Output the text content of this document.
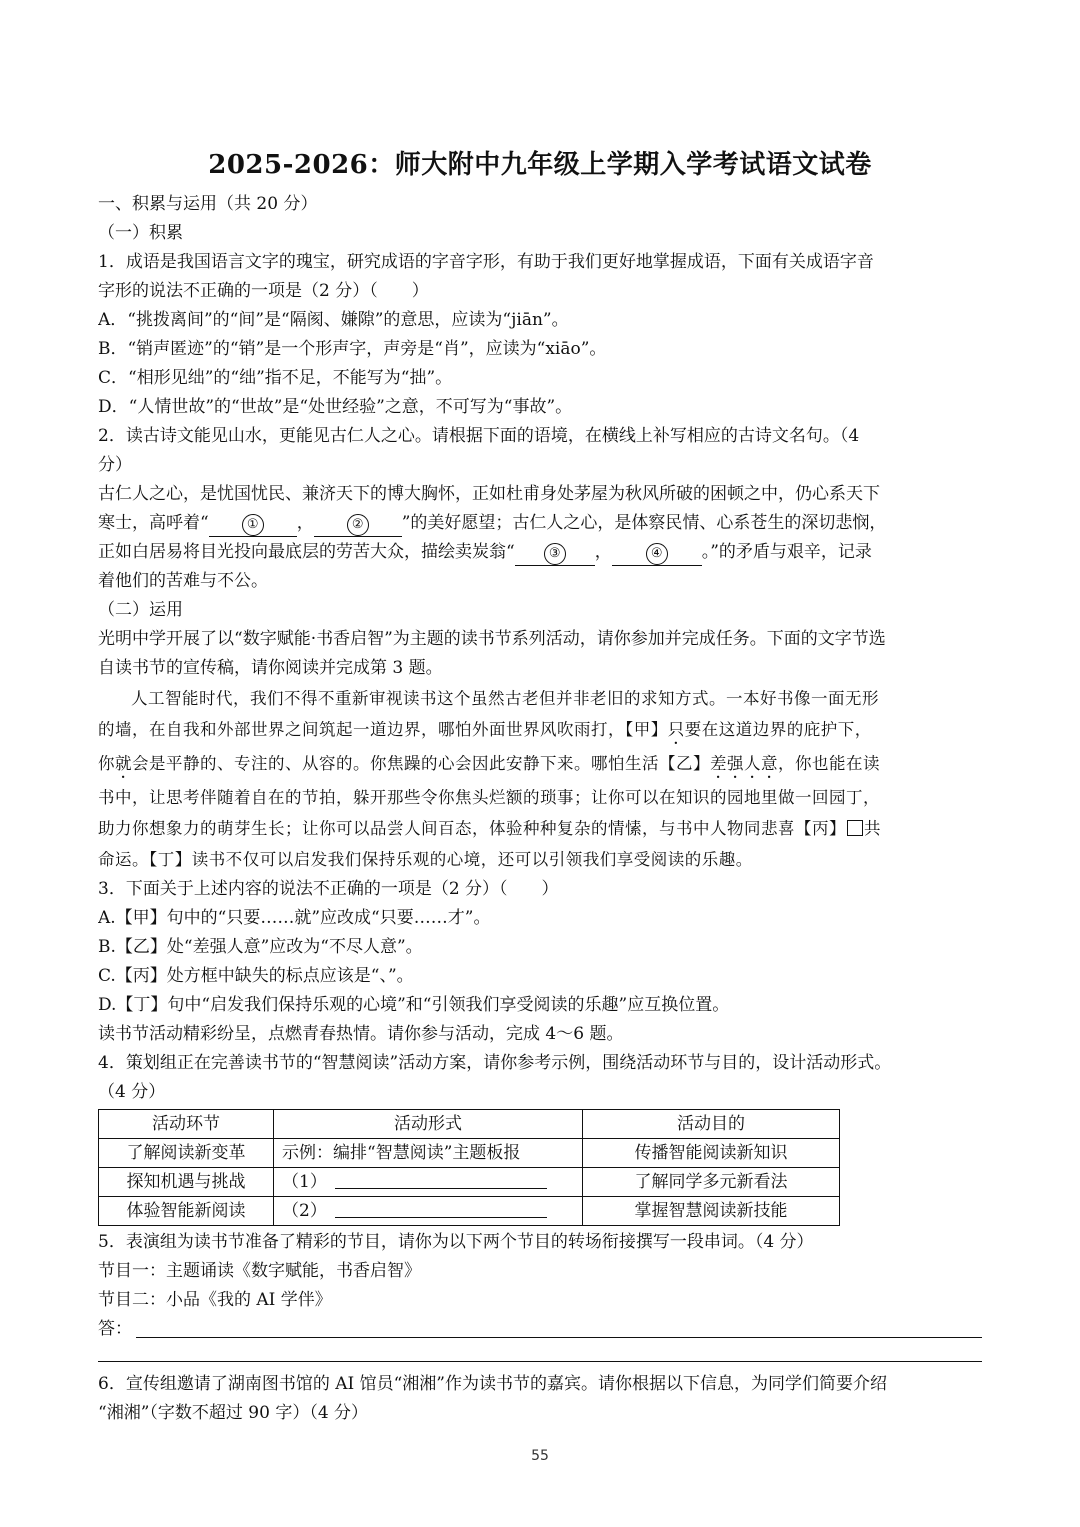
2025-2026：师大附中九年级上学期入学考试语文试卷
一、积累与运用（共 20 分）
（一）积累
1．成语是我国语言文字的瑰宝，研究成语的字音字形，有助于我们更好地掌握成语，下面有关成语字音
字形的说法不正确的一项是（2 分）（　　）
A．“挑拨离间”的“间”是“隔阂、嫌隙”的意思，应读为“jiān”。
B．“销声匿迹”的“销”是一个形声字，声旁是“肖”，应读为“xiāo”。
C．“相形见绌”的“绌”指不足，不能写为“拙”。
D．“人情世故”的“世故”是“处世经验”之意，不可写为“事故”。
2．读古诗文能见山水，更能见古仁人之心。请根据下面的语境，在横线上补写相应的古诗文名句。（4
分）
古仁人之心，是忧国忧民、兼济天下的博大胸怀，正如杜甫身处茅屋为秋风所破的困顿之中，仍心系天下
寒士，高呼着“	① ，	② ”的美好愿望；古仁人之心，是体察民情、心系苍生的深切悲悯，
正如白居易将目光投向最底层的劳苦大众，描绘卖炭翁“	③ ，	④ 。”的矛盾与艰辛，记录
着他们的苦难与不公。
（二）运用
光明中学开展了以“数字赋能·书香启智”为主题的读书节系列活动，请你参加并完成任务。下面的文字节选
自读书节的宣传稿，请你阅读并完成第 3 题。
人工智能时代，我们不得不重新审视读书这个虽然古老但并非老旧的求知方式。一本好书像一面无形
的墙，在自我和外部世界之间筑起一道边界，哪怕外面世界风吹雨打，【甲】只要在这道边界的庇护下，
你就会是平静的、专注的、从容的。你焦躁的心会因此安静下来。哪怕生活【乙】差强人意，你也能在读
书中，让思考伴随着自在的节拍，躲开那些令你焦头烂额的琐事；让你可以在知识的园地里做一回园丁，
助力你想象力的萌芽生长；让你可以品尝人间百态，体验种种复杂的情愫，与书中人物同悲喜【丙】 共
命运。【丁】读书不仅可以启发我们保持乐观的心境，还可以引领我们享受阅读的乐趣。
3．下面关于上述内容的说法不正确的一项是（2 分）（　　）
A.【甲】句中的“只要……就”应改成“只要……才”。
B.【乙】处“差强人意”应改为“不尽人意”。
C.【丙】处方框中缺失的标点应该是“、”。
D.【丁】句中“启发我们保持乐观的心境”和“引领我们享受阅读的乐趣”应互换位置。
读书节活动精彩纷呈，点燃青春热情。请你参与活动，完成 4～6 题。
4．策划组正在完善读书节的“智慧阅读”活动方案，请你参考示例，围绕活动环节与目的，设计活动形式。
（4 分）
活动环节	活动形式	活动目的
了解阅读新变革	示例：编排“智慧阅读”主题板报	传播智能阅读新知识
探知机遇与挑战	（1）	了解同学多元新看法
体验智能新阅读	（2）	掌握智慧阅读新技能
5．表演组为读书节准备了精彩的节目，请你为以下两个节目的转场衔接撰写一段串词。（4 分）
节目一：主题诵读《数字赋能，书香启智》
节目二：小品《我的 AI 学伴》
答：
6．宣传组邀请了湖南图书馆的 AI 馆员“湘湘”作为读书节的嘉宾。请你根据以下信息，为同学们简要介绍
“湘湘”（字数不超过 90 字）（4 分）
55
